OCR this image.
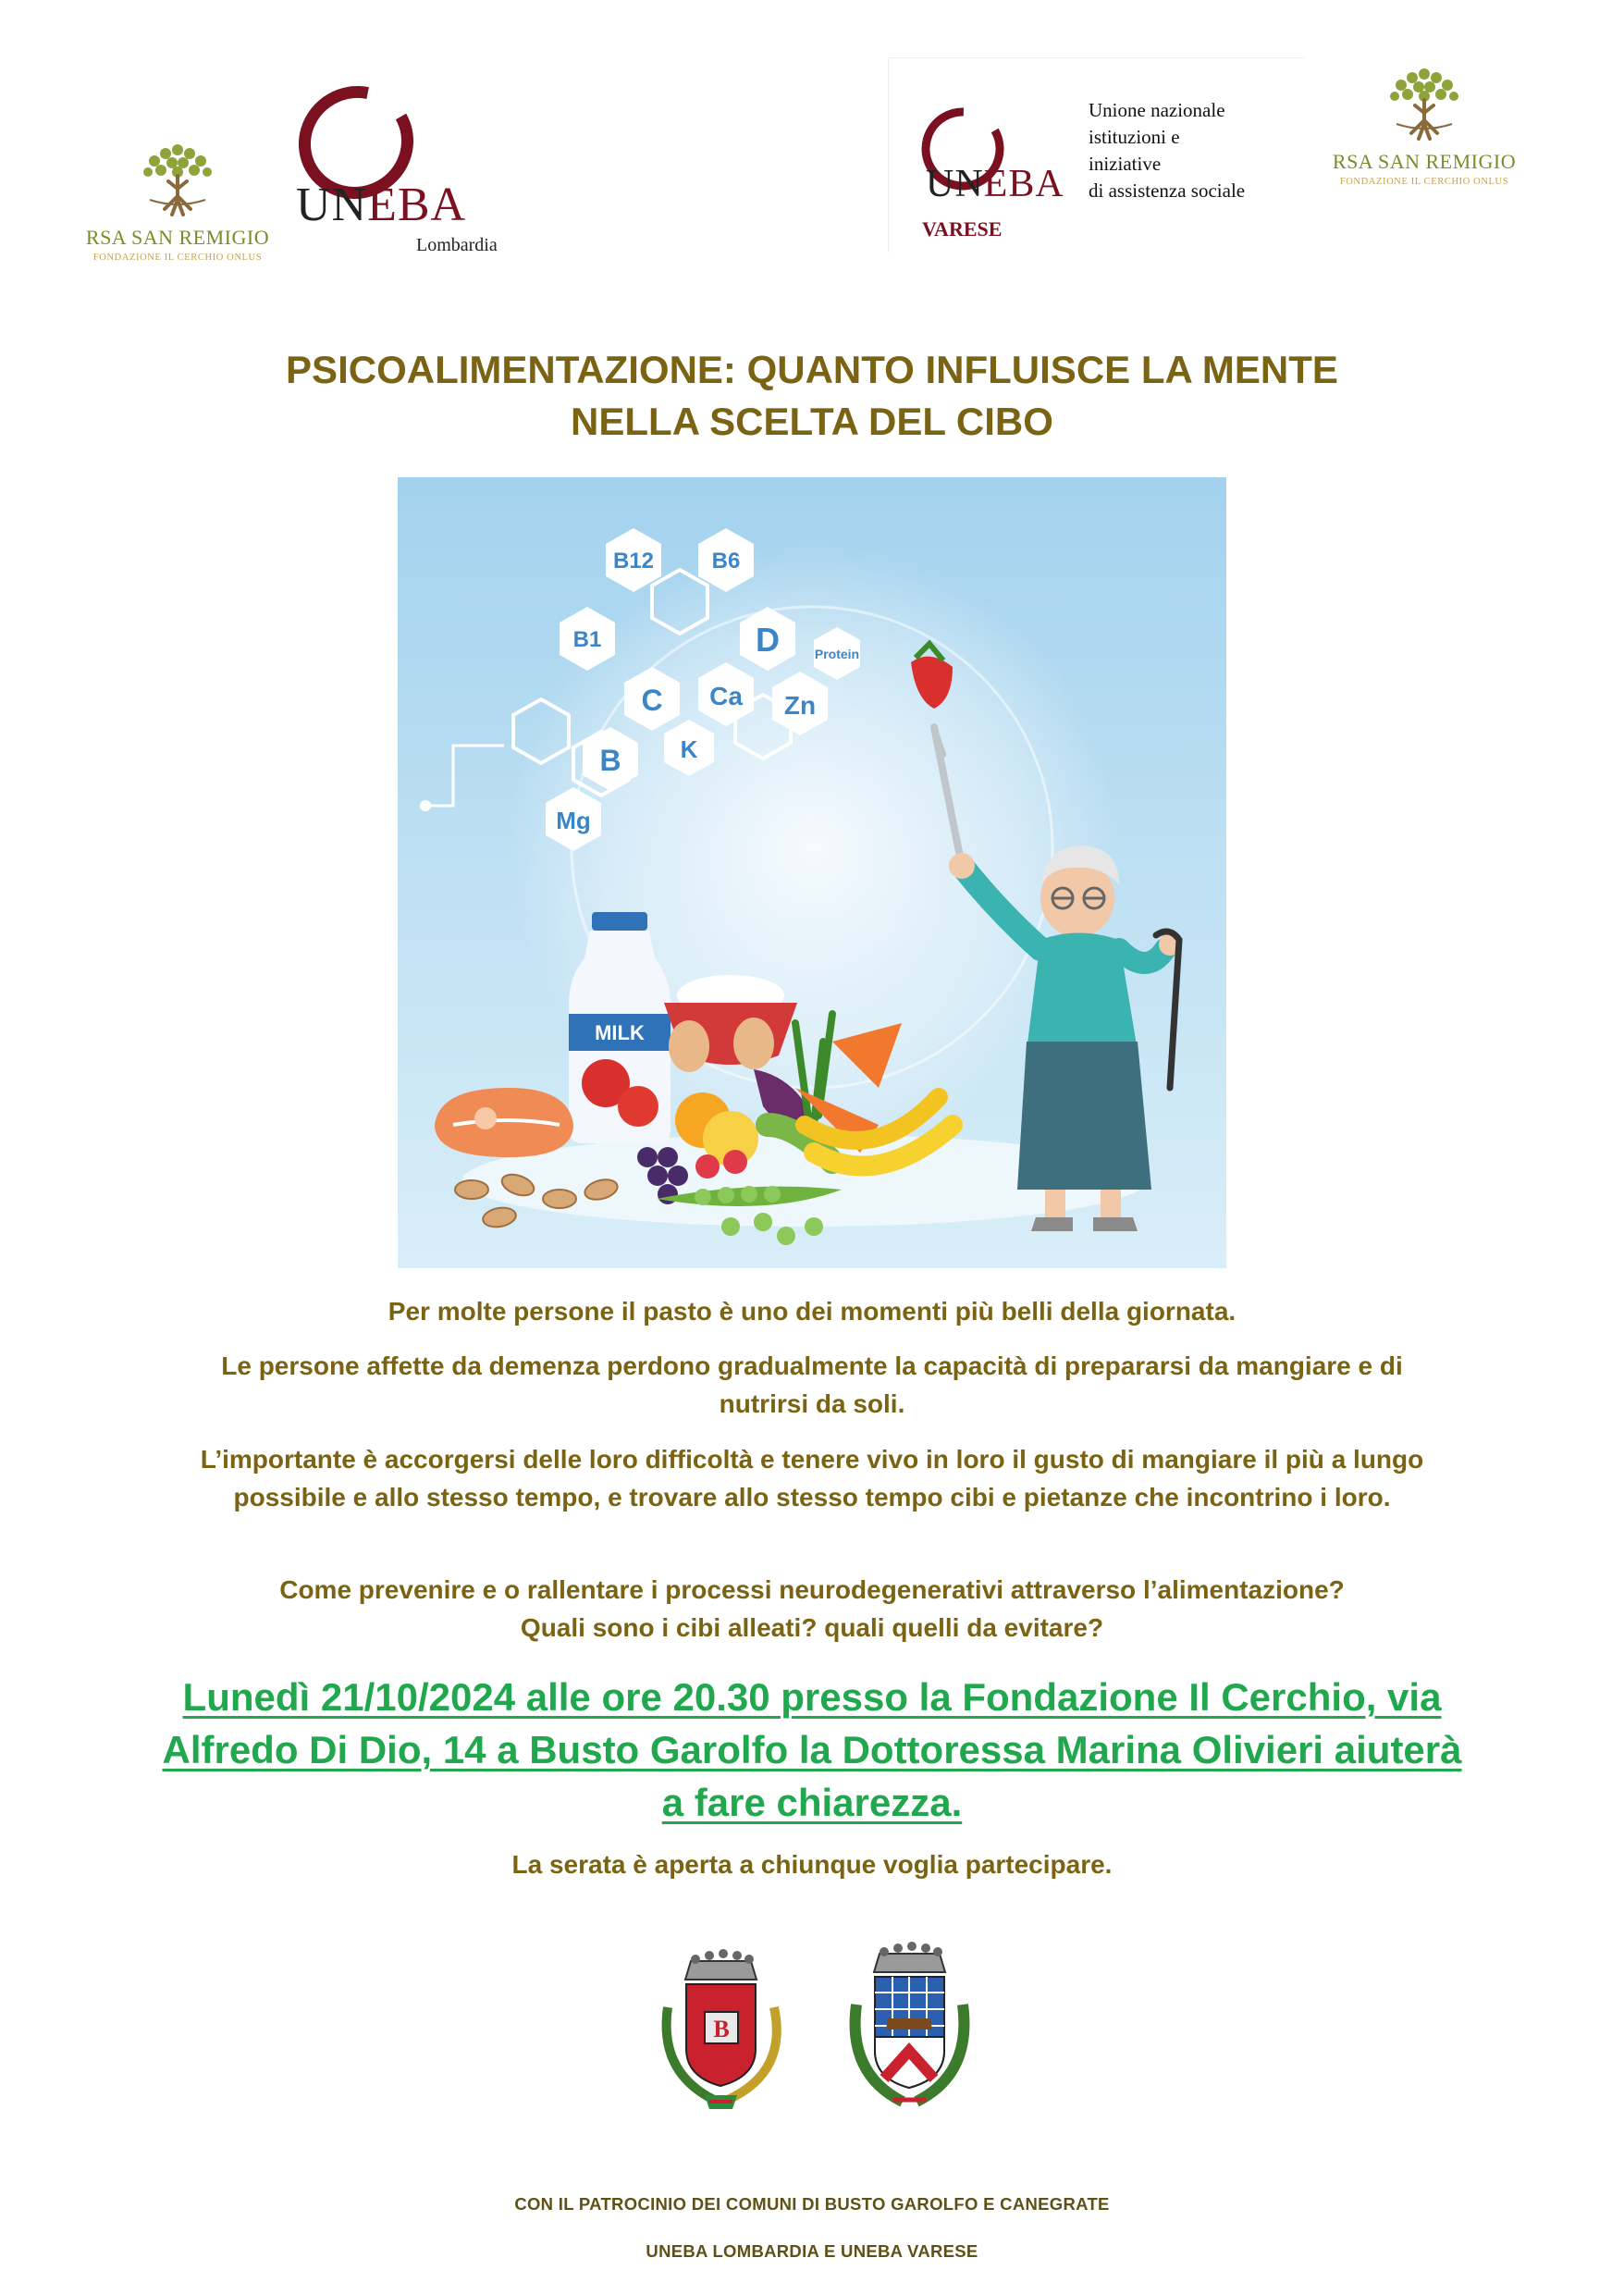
RSA SAN REMIGIO
FONDAZIONE IL CERCHIO ONLUS
UNEBA
Lombardia
UNEBA
VARESE
Unione nazionale
istituzioni e
iniziative
di assistenza sociale
RSA SAN REMIGIO
FONDAZIONE IL CERCHIO ONLUS
PSICOALIMENTAZIONE: QUANTO INFLUISCE LA MENTE
NELLA SCELTA DEL CIBO
B12	B6
B1	D	Protein
C Ca Zn
B K
Mg
MILK
Per molte persone il pasto è uno dei momenti più belli della giornata.
Le persone affette da demenza perdono gradualmente la capacità di prepararsi da mangiare e di nutrirsi da soli.
L’importante è accorgersi delle loro difficoltà e tenere vivo in loro il gusto di mangiare il più a lungo possibile e allo stesso tempo, e trovare allo stesso tempo cibi e pietanze che incontrino i loro.
Come prevenire e o rallentare i processi neurodegenerativi attraverso l’alimentazione?
Quali sono i cibi alleati? quali quelli da evitare?
Lunedì 21/10/2024 alle ore 20.30 presso la Fondazione Il Cerchio, via Alfredo Di Dio, 14 a Busto Garolfo la Dottoressa Marina Olivieri aiuterà a fare chiarezza.
La serata è aperta a chiunque voglia partecipare.
B
CON IL PATROCINIO DEI COMUNI DI BUSTO GAROLFO E CANEGRATE
UNEBA LOMBARDIA E UNEBA VARESE
